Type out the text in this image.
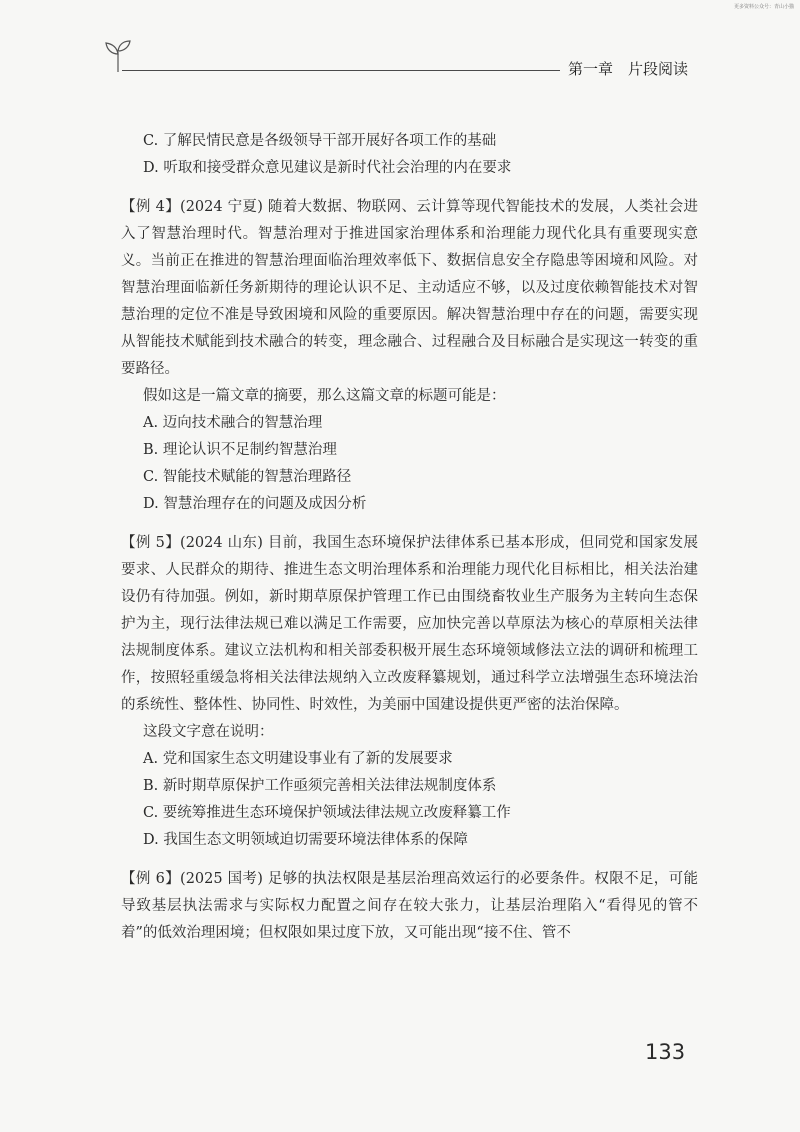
更多资料公众号：青山小猫
第一章　片段阅读
C. 了解民情民意是各级领导干部开展好各项工作的基础
D. 听取和接受群众意见建议是新时代社会治理的内在要求

【例 4】(2024 宁夏) 随着大数据、物联网、云计算等现代智能技术的发展，人类社会进入了智慧治理时代。智慧治理对于推进国家治理体系和治理能力现代化具有重要现实意义。当前正在推进的智慧治理面临治理效率低下、数据信息安全存隐患等困境和风险。对智慧治理面临新任务新期待的理论认识不足、主动适应不够，以及过度依赖智能技术对智慧治理的定位不准是导致困境和风险的重要原因。解决智慧治理中存在的问题，需要实现从智能技术赋能到技术融合的转变，理念融合、过程融合及目标融合是实现这一转变的重要路径。

假如这是一篇文章的摘要，那么这篇文章的标题可能是：
A. 迈向技术融合的智慧治理
B. 理论认识不足制约智慧治理
C. 智能技术赋能的智慧治理路径
D. 智慧治理存在的问题及成因分析

【例 5】(2024 山东) 目前，我国生态环境保护法律体系已基本形成，但同党和国家发展要求、人民群众的期待、推进生态文明治理体系和治理能力现代化目标相比，相关法治建设仍有待加强。例如，新时期草原保护管理工作已由围绕畜牧业生产服务为主转向生态保护为主，现行法律法规已难以满足工作需要，应加快完善以草原法为核心的草原相关法律法规制度体系。建议立法机构和相关部委积极开展生态环境领域修法立法的调研和梳理工作，按照轻重缓急将相关法律法规纳入立改废释纂规划，通过科学立法增强生态环境法治的系统性、整体性、协同性、时效性，为美丽中国建设提供更严密的法治保障。

这段文字意在说明：
A. 党和国家生态文明建设事业有了新的发展要求
B. 新时期草原保护工作亟须完善相关法律法规制度体系
C. 要统筹推进生态环境保护领域法律法规立改废释纂工作
D. 我国生态文明领域迫切需要环境法律体系的保障

【例 6】(2025 国考) 足够的执法权限是基层治理高效运行的必要条件。权限不足，可能导致基层执法需求与实际权力配置之间存在较大张力，让基层治理陷入“看得见的管不着”的低效治理困境；但权限如果过度下放，又可能出现“接不住、管不

133
